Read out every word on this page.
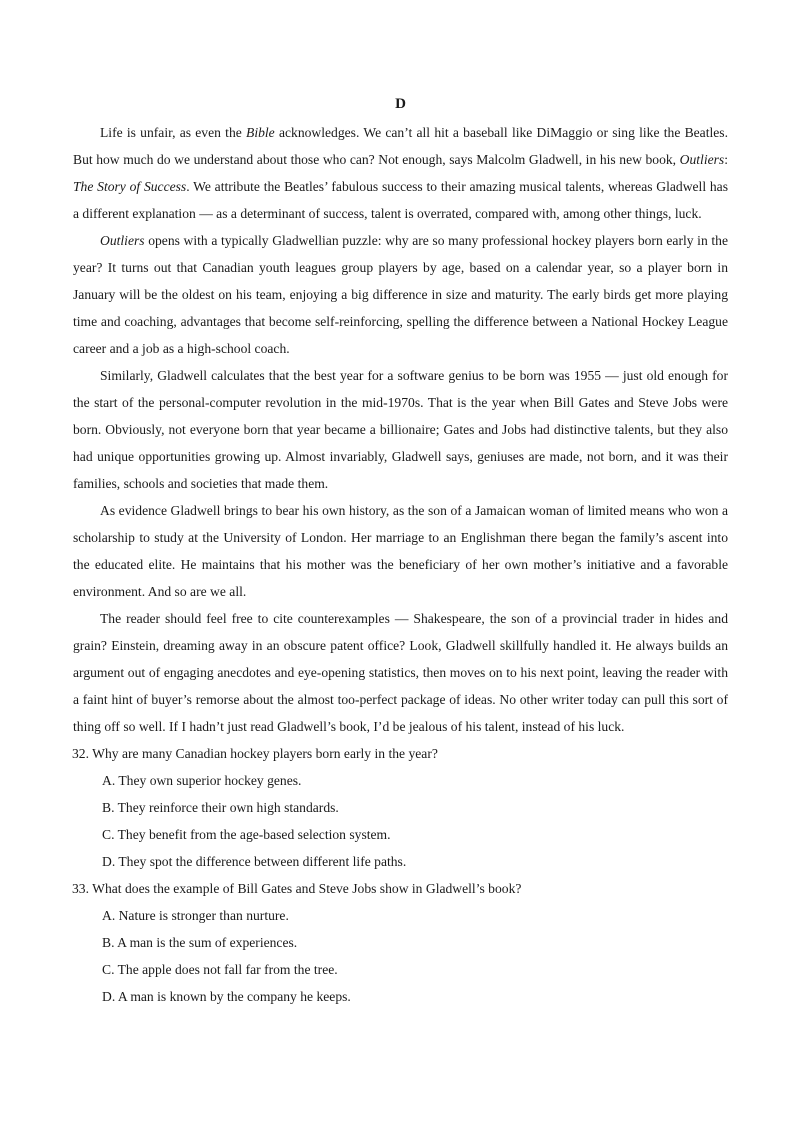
D

Life is unfair, as even the Bible acknowledges. We can’t all hit a baseball like DiMaggio or sing like the Beatles. But how much do we understand about those who can? Not enough, says Malcolm Gladwell, in his new book, Outliers: The Story of Success. We attribute the Beatles’ fabulous success to their amazing musical talents, whereas Gladwell has a different explanation — as a determinant of success, talent is overrated, compared with, among other things, luck.

Outliers opens with a typically Gladwellian puzzle: why are so many professional hockey players born early in the year? It turns out that Canadian youth leagues group players by age, based on a calendar year, so a player born in January will be the oldest on his team, enjoying a big difference in size and maturity. The early birds get more playing time and coaching, advantages that become self-reinforcing, spelling the difference between a National Hockey League career and a job as a high-school coach.

Similarly, Gladwell calculates that the best year for a software genius to be born was 1955 — just old enough for the start of the personal-computer revolution in the mid-1970s. That is the year when Bill Gates and Steve Jobs were born. Obviously, not everyone born that year became a billionaire; Gates and Jobs had distinctive talents, but they also had unique opportunities growing up. Almost invariably, Gladwell says, geniuses are made, not born, and it was their families, schools and societies that made them.

As evidence Gladwell brings to bear his own history, as the son of a Jamaican woman of limited means who won a scholarship to study at the University of London. Her marriage to an Englishman there began the family’s ascent into the educated elite. He maintains that his mother was the beneficiary of her own mother’s initiative and a favorable environment. And so are we all.

The reader should feel free to cite counterexamples — Shakespeare, the son of a provincial trader in hides and grain? Einstein, dreaming away in an obscure patent office? Look, Gladwell skillfully handled it. He always builds an argument out of engaging anecdotes and eye-opening statistics, then moves on to his next point, leaving the reader with a faint hint of buyer’s remorse about the almost too-perfect package of ideas. No other writer today can pull this sort of thing off so well. If I hadn’t just read Gladwell’s book, I’d be jealous of his talent, instead of his luck.

32. Why are many Canadian hockey players born early in the year?

A. They own superior hockey genes.

B. They reinforce their own high standards.

C. They benefit from the age-based selection system.

D. They spot the difference between different life paths.

33. What does the example of Bill Gates and Steve Jobs show in Gladwell’s book?

A. Nature is stronger than nurture.

B. A man is the sum of experiences.

C. The apple does not fall far from the tree.

D. A man is known by the company he keeps.
